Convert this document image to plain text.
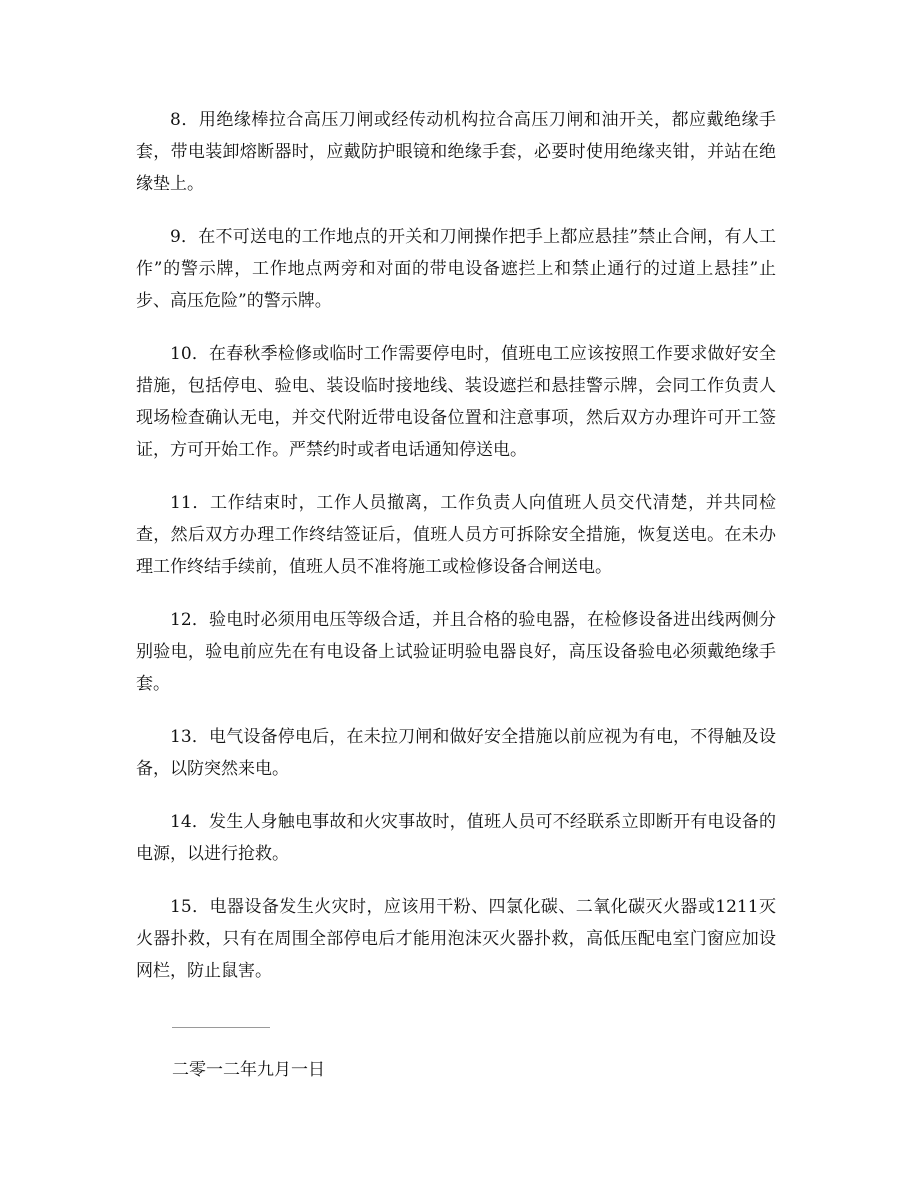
8．用绝缘棒拉合高压刀闸或经传动机构拉合高压刀闸和油开关，都应戴绝缘手套，带电装卸熔断器时，应戴防护眼镜和绝缘手套，必要时使用绝缘夹钳，并站在绝缘垫上。

9．在不可送电的工作地点的开关和刀闸操作把手上都应悬挂”禁止合闸，有人工作”的警示牌，工作地点两旁和对面的带电设备遮拦上和禁止通行的过道上悬挂”止步、高压危险”的警示牌。

10．在春秋季检修或临时工作需要停电时，值班电工应该按照工作要求做好安全措施，包括停电、验电、装设临时接地线、装设遮拦和悬挂警示牌，会同工作负责人现场检查确认无电，并交代附近带电设备位置和注意事项，然后双方办理许可开工签证，方可开始工作。严禁约时或者电话通知停送电。

11．工作结束时，工作人员撤离，工作负责人向值班人员交代清楚，并共同检查，然后双方办理工作终结签证后，值班人员方可拆除安全措施，恢复送电。在未办理工作终结手续前，值班人员不准将施工或检修设备合闸送电。

12．验电时必须用电压等级合适，并且合格的验电器，在检修设备进出线两侧分别验电，验电前应先在有电设备上试验证明验电器良好，高压设备验电必须戴绝缘手套。

13．电气设备停电后，在未拉刀闸和做好安全措施以前应视为有电，不得触及设备，以防突然来电。

14．发生人身触电事故和火灾事故时，值班人员可不经联系立即断开有电设备的电源，以进行抢救。

15．电器设备发生火灾时，应该用干粉、四氯化碳、二氧化碳灭火器或1211灭火器扑救，只有在周围全部停电后才能用泡沫灭火器扑救，高低压配电室门窗应加设网栏，防止鼠害。

二零一二年九月一日
